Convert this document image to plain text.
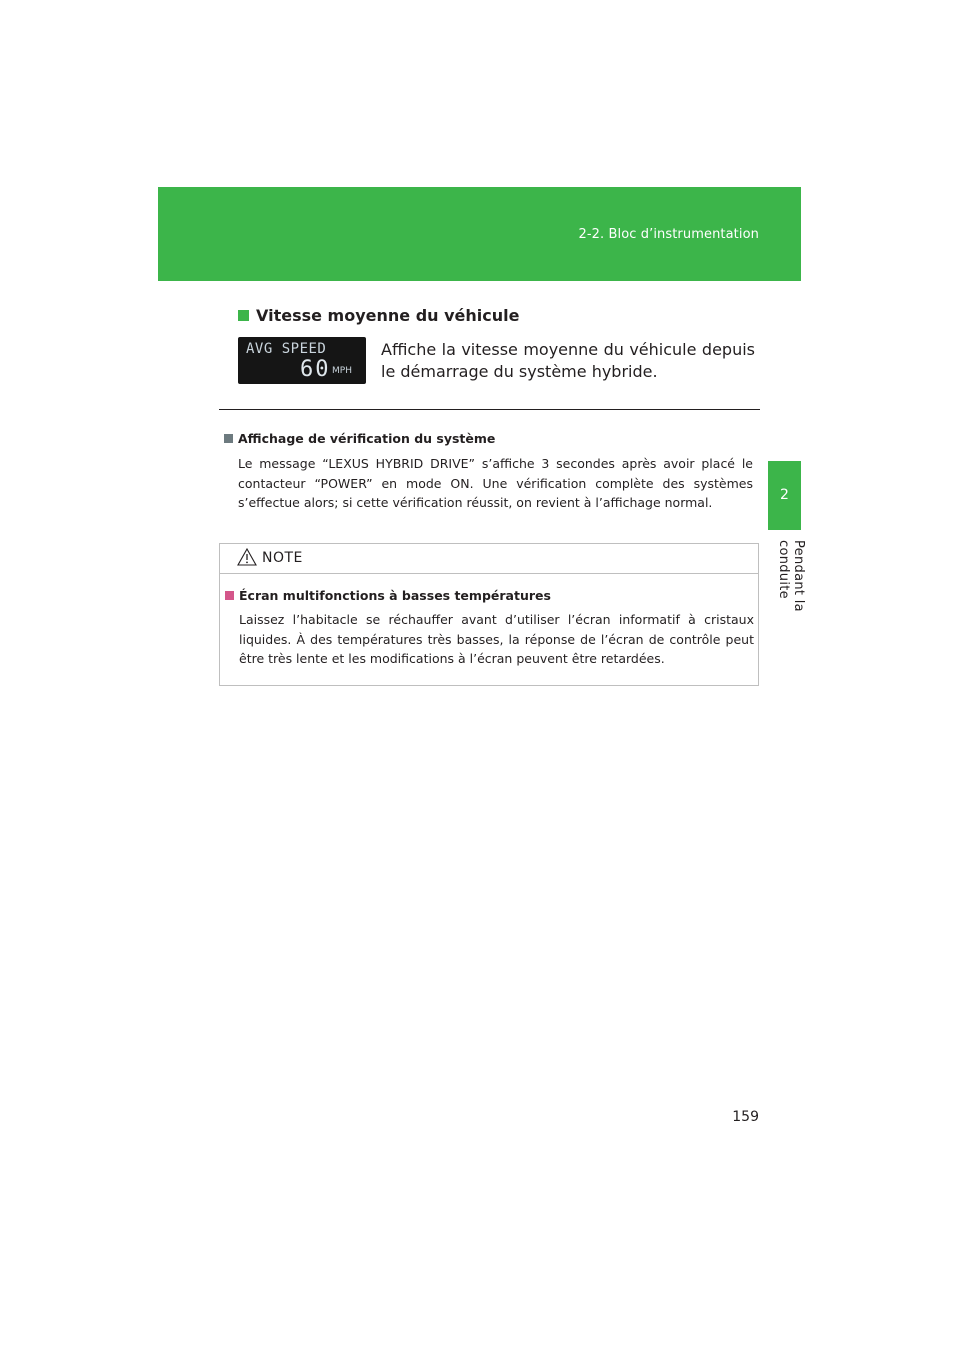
2-2. Bloc d’instrumentation
2
Pendant la conduite
Vitesse moyenne du véhicule
AVG SPEED
60 MPH
Affiche la vitesse moyenne du véhicule depuis le démarrage du système hybride.
Affichage de vérification du système
Le message “LEXUS HYBRID DRIVE” s’affiche 3 secondes après avoir placé le contacteur “POWER” en mode ON. Une vérification complète des systèmes s’effectue alors; si cette vérification réussit, on revient à l’affichage normal.
NOTE
Écran multifonctions à basses températures
Laissez l’habitacle se réchauffer avant d’utiliser l’écran informatif à cristaux liquides. À des températures très basses, la réponse de l’écran de contrôle peut être très lente et les modifications à l’écran peuvent être retardées.
159
